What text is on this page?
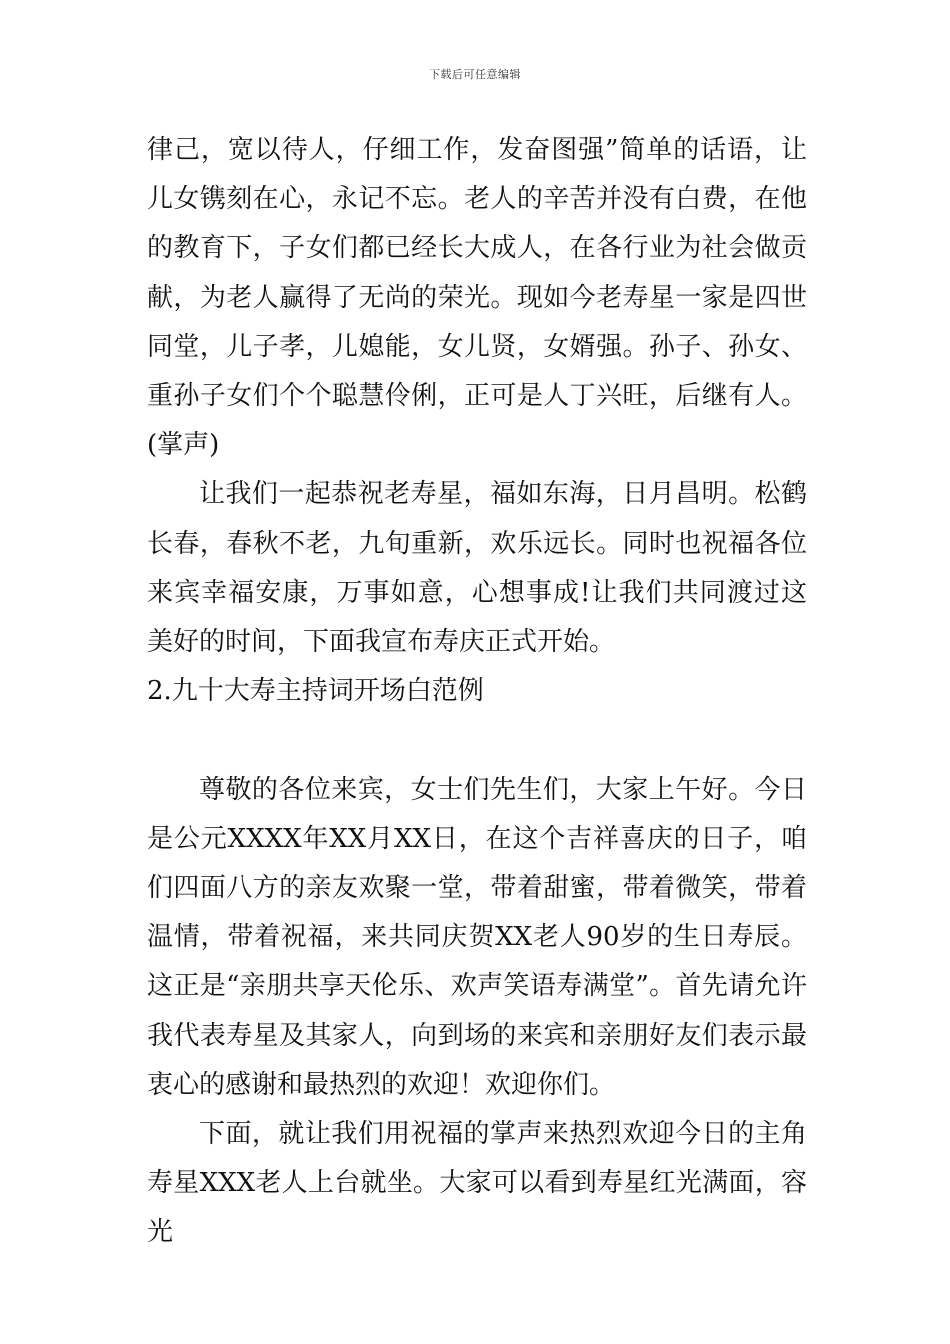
下载后可任意编辑

律己，宽以待人，仔细工作，发奋图强”简单的话语，让儿女镌刻在心，永记不忘。老人的辛苦并没有白费，在他的教育下，子女们都已经长大成人，在各行业为社会做贡献，为老人赢得了无尚的荣光。现如今老寿星一家是四世同堂，儿子孝，儿媳能，女儿贤，女婿强。孙子、孙女、重孙子女们个个聪慧伶俐，正可是人丁兴旺，后继有人。(掌声)

让我们一起恭祝老寿星，福如东海，日月昌明。松鹤长春，春秋不老，九旬重新，欢乐远长。同时也祝福各位来宾幸福安康，万事如意，心想事成!让我们共同渡过这美好的时间，下面我宣布寿庆正式开始。

2.九十大寿主持词开场白范例

尊敬的各位来宾，女士们先生们，大家上午好。今日是公元XXXX年XX月XX日，在这个吉祥喜庆的日子，咱们四面八方的亲友欢聚一堂，带着甜蜜，带着微笑，带着温情，带着祝福，来共同庆贺XX老人90岁的生日寿辰。这正是“亲朋共享天伦乐、欢声笑语寿满堂”。首先请允许我代表寿星及其家人，向到场的来宾和亲朋好友们表示最衷心的感谢和最热烈的欢迎！欢迎你们。

下面，就让我们用祝福的掌声来热烈欢迎今日的主角寿星XXX老人上台就坐。大家可以看到寿星红光满面，容光
